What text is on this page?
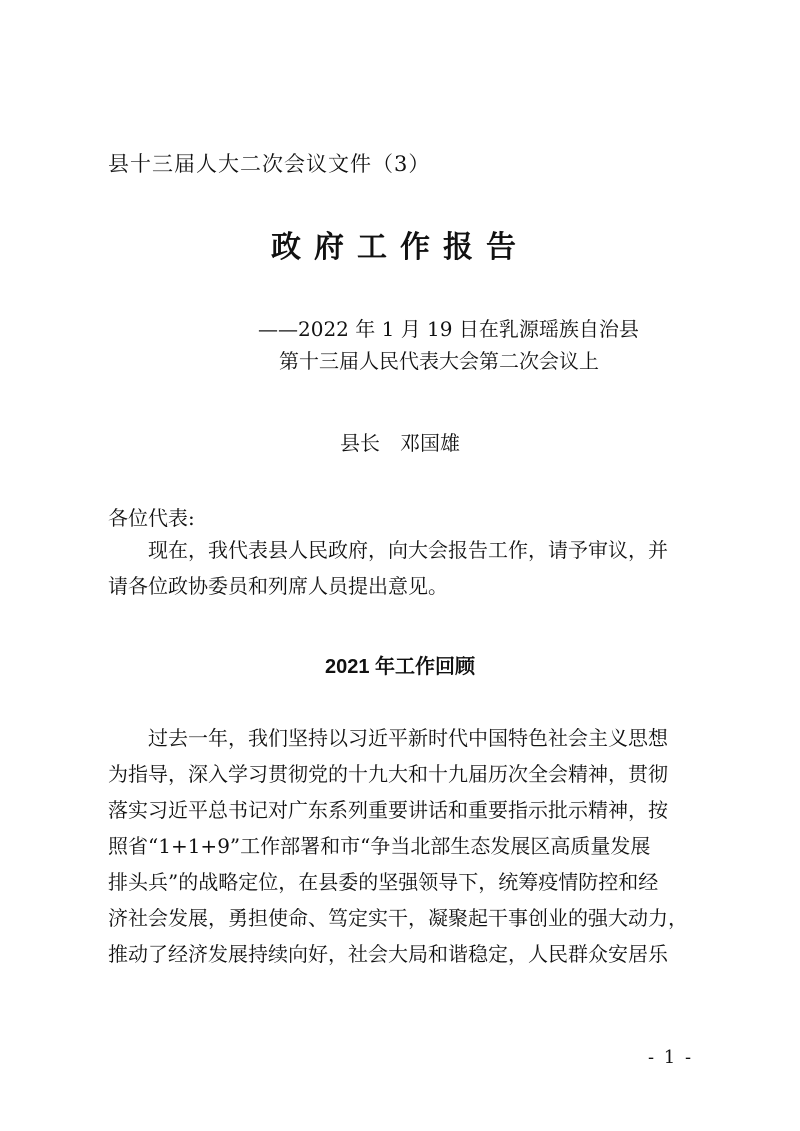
县十三届人大二次会议文件（3）
政府工作报告
——2022 年 1 月 19 日在乳源瑶族自治县
第十三届人民代表大会第二次会议上
县长　邓国雄
各位代表:
现在，我代表县人民政府，向大会报告工作，请予审议，并
请各位政协委员和列席人员提出意见。
2021 年工作回顾
过去一年，我们坚持以习近平新时代中国特色社会主义思想
为指导，深入学习贯彻党的十九大和十九届历次全会精神，贯彻
落实习近平总书记对广东系列重要讲话和重要指示批示精神，按
照省“1+1+9”工作部署和市“争当北部生态发展区高质量发展
排头兵”的战略定位，在县委的坚强领导下，统筹疫情防控和经
济社会发展，勇担使命、笃定实干，凝聚起干事创业的强大动力，
推动了经济发展持续向好，社会大局和谐稳定，人民群众安居乐
- 1 -
